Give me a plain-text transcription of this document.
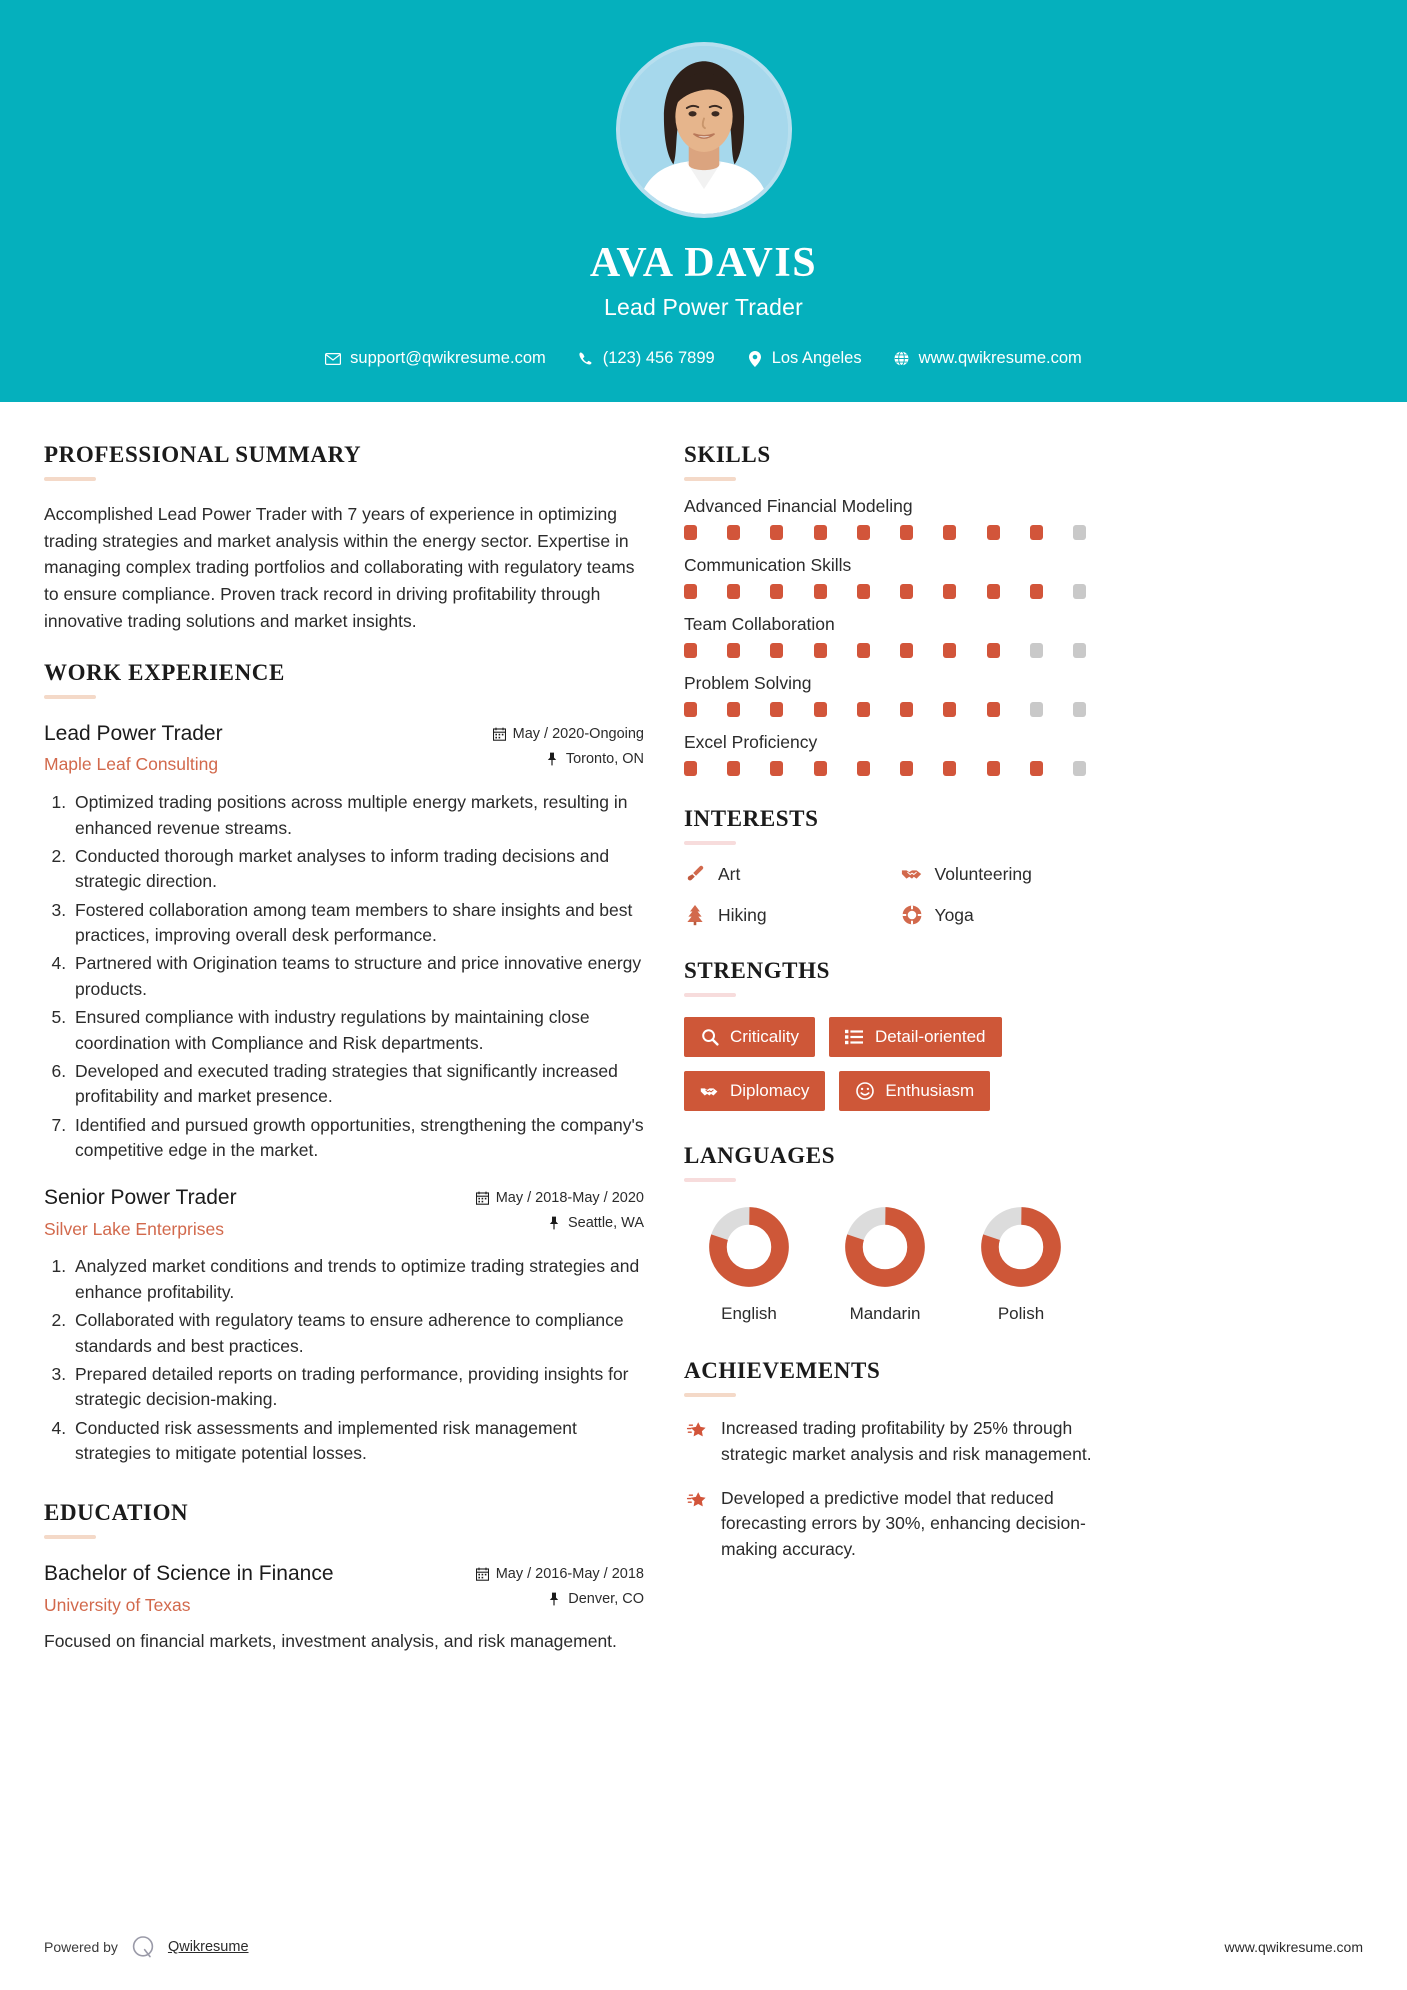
AVA DAVIS
Lead Power Trader
support@qwikresume.com	(123) 456 7899	Los Angeles	www.qwikresume.com
PROFESSIONAL SUMMARY
Accomplished Lead Power Trader with 7 years of experience in optimizing trading strategies and market analysis within the energy sector. Expertise in managing complex trading portfolios and collaborating with regulatory teams to ensure compliance. Proven track record in driving profitability through innovative trading solutions and market insights.
WORK EXPERIENCE
Lead Power Trader
Maple Leaf Consulting
May / 2020-Ongoing
Toronto, ON
1. Optimized trading positions across multiple energy markets, resulting in enhanced revenue streams.
2. Conducted thorough market analyses to inform trading decisions and strategic direction.
3. Fostered collaboration among team members to share insights and best practices, improving overall desk performance.
4. Partnered with Origination teams to structure and price innovative energy products.
5. Ensured compliance with industry regulations by maintaining close coordination with Compliance and Risk departments.
6. Developed and executed trading strategies that significantly increased profitability and market presence.
7. Identified and pursued growth opportunities, strengthening the company's competitive edge in the market.
Senior Power Trader
Silver Lake Enterprises
May / 2018-May / 2020
Seattle, WA
1. Analyzed market conditions and trends to optimize trading strategies and enhance profitability.
2. Collaborated with regulatory teams to ensure adherence to compliance standards and best practices.
3. Prepared detailed reports on trading performance, providing insights for strategic decision-making.
4. Conducted risk assessments and implemented risk management strategies to mitigate potential losses.
EDUCATION
Bachelor of Science in Finance
University of Texas
May / 2016-May / 2018
Denver, CO
Focused on financial markets, investment analysis, and risk management.
SKILLS
Advanced Financial Modeling
Communication Skills
Team Collaboration
Problem Solving
Excel Proficiency
INTERESTS
Art	Volunteering
Hiking	Yoga
STRENGTHS
Criticality	Detail-oriented
Diplomacy	Enthusiasm
LANGUAGES
English	Mandarin	Polish
ACHIEVEMENTS
Increased trading profitability by 25% through strategic market analysis and risk management.
Developed a predictive model that reduced forecasting errors by 30%, enhancing decision-making accuracy.
Powered by	Qwikresume	www.qwikresume.com
